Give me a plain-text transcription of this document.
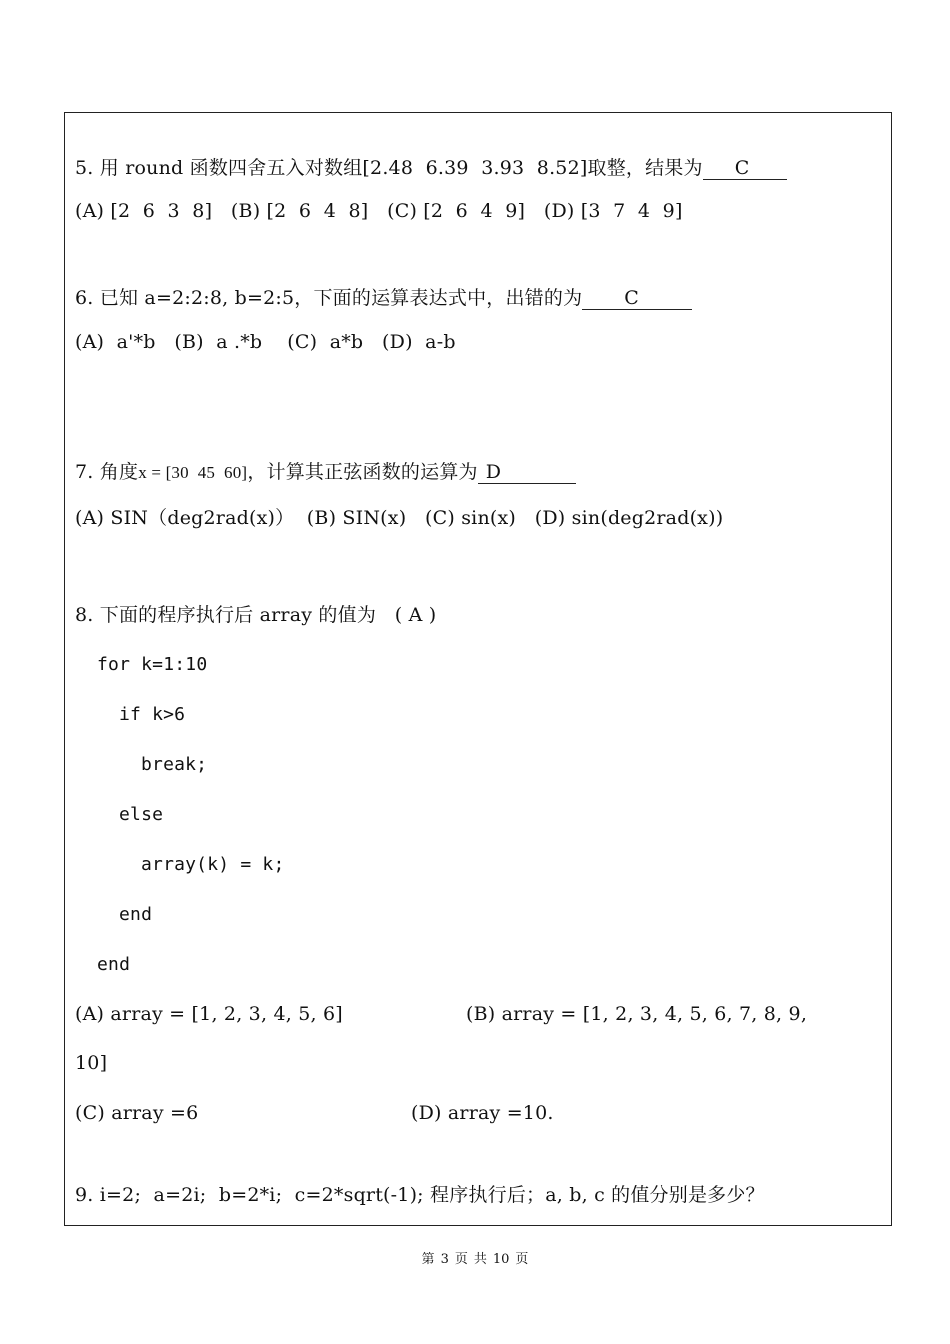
5. 用 round 函数四舍五入对数组[2.48  6.39  3.93  8.52]取整，结果为 C
(A) [2  6  3  8] (B) [2  6  4  8] (C) [2  6  4  9] (D) [3  7  4  9]
6. 已知 a=2:2:8, b=2:5，下面的运算表达式中，出错的为 C
(A)  a'*b (B)  a .*b (C)  a*b (D)  a-b
7. 角度x = [30  45  60]，计算其正弦函数的运算为 D
(A) SIN（deg2rad(x)） (B) SIN(x) (C) sin(x) (D) sin(deg2rad(x))
8. 下面的程序执行后 array 的值为 ( A )
for k=1:10
if k>6
break;
else
array(k) = k;
end
end
(A) array = [1, 2, 3, 4, 5, 6]	(B) array = [1, 2, 3, 4, 5, 6, 7, 8, 9,
10]
(C) array =6	(D) array =10.
9. i=2;  a=2i;  b=2*i;  c=2*sqrt(-1); 程序执行后；a, b, c 的值分别是多少？
第 3 页 共 10 页
